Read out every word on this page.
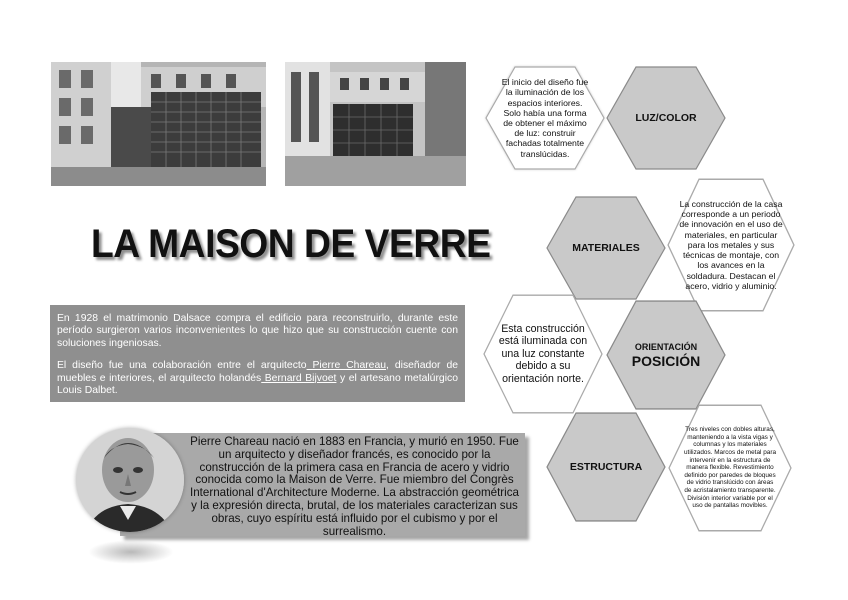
LA MAISON DE VERRE

En 1928 el matrimonio Dalsace compra el edificio para reconstruirlo, durante este período surgieron varios inconvenientes lo que hizo que su construcción cuente con soluciones ingeniosas.

El diseño fue una colaboración entre el arquitecto Pierre Chareau, diseñador de muebles e interiores, el arquitecto holandés Bernard Bijvoet y el artesano metalúrgico Louis Dalbet.

Pierre Chareau nació en 1883 en Francia, y murió en 1950. Fue un arquitecto y diseñador francés, es conocido por la construcción de la primera casa en Francia de acero y vidrio conocida como la Maison de Verre. Fue miembro del Congrès International d'Architecture Moderne. La abstracción geométrica y la expresión directa, brutal, de los materiales caracterizan sus obras, cuyo espíritu está influido por el cubismo y por el surrealismo.
El inicio del diseño fue la iluminación de los espacios interiores. Solo había una forma de obtener el máximo de luz: construir fachadas totalmente translúcidas.
LUZ/COLOR
MATERIALES
La construcción de la casa corresponde a un periodo de innovación en el uso de materiales, en particular para los metales y sus técnicas de montaje, con los avances en la soldadura. Destacan el acero, vidrio y aluminio.
Esta construcción está iluminada con una luz constante debido a su orientación norte.
ORIENTACIÓN
POSICIÓN
ESTRUCTURA
Tres niveles con dobles alturas, manteniendo a la vista vigas y columnas y los materiales utilizados. Marcos de metal para intervenir en la estructura de manera flexible. Revestimiento definido por paredes de bloques de vidrio translúcido con áreas de acristalamiento transparente. División interior variable por el uso de pantallas movibles.
